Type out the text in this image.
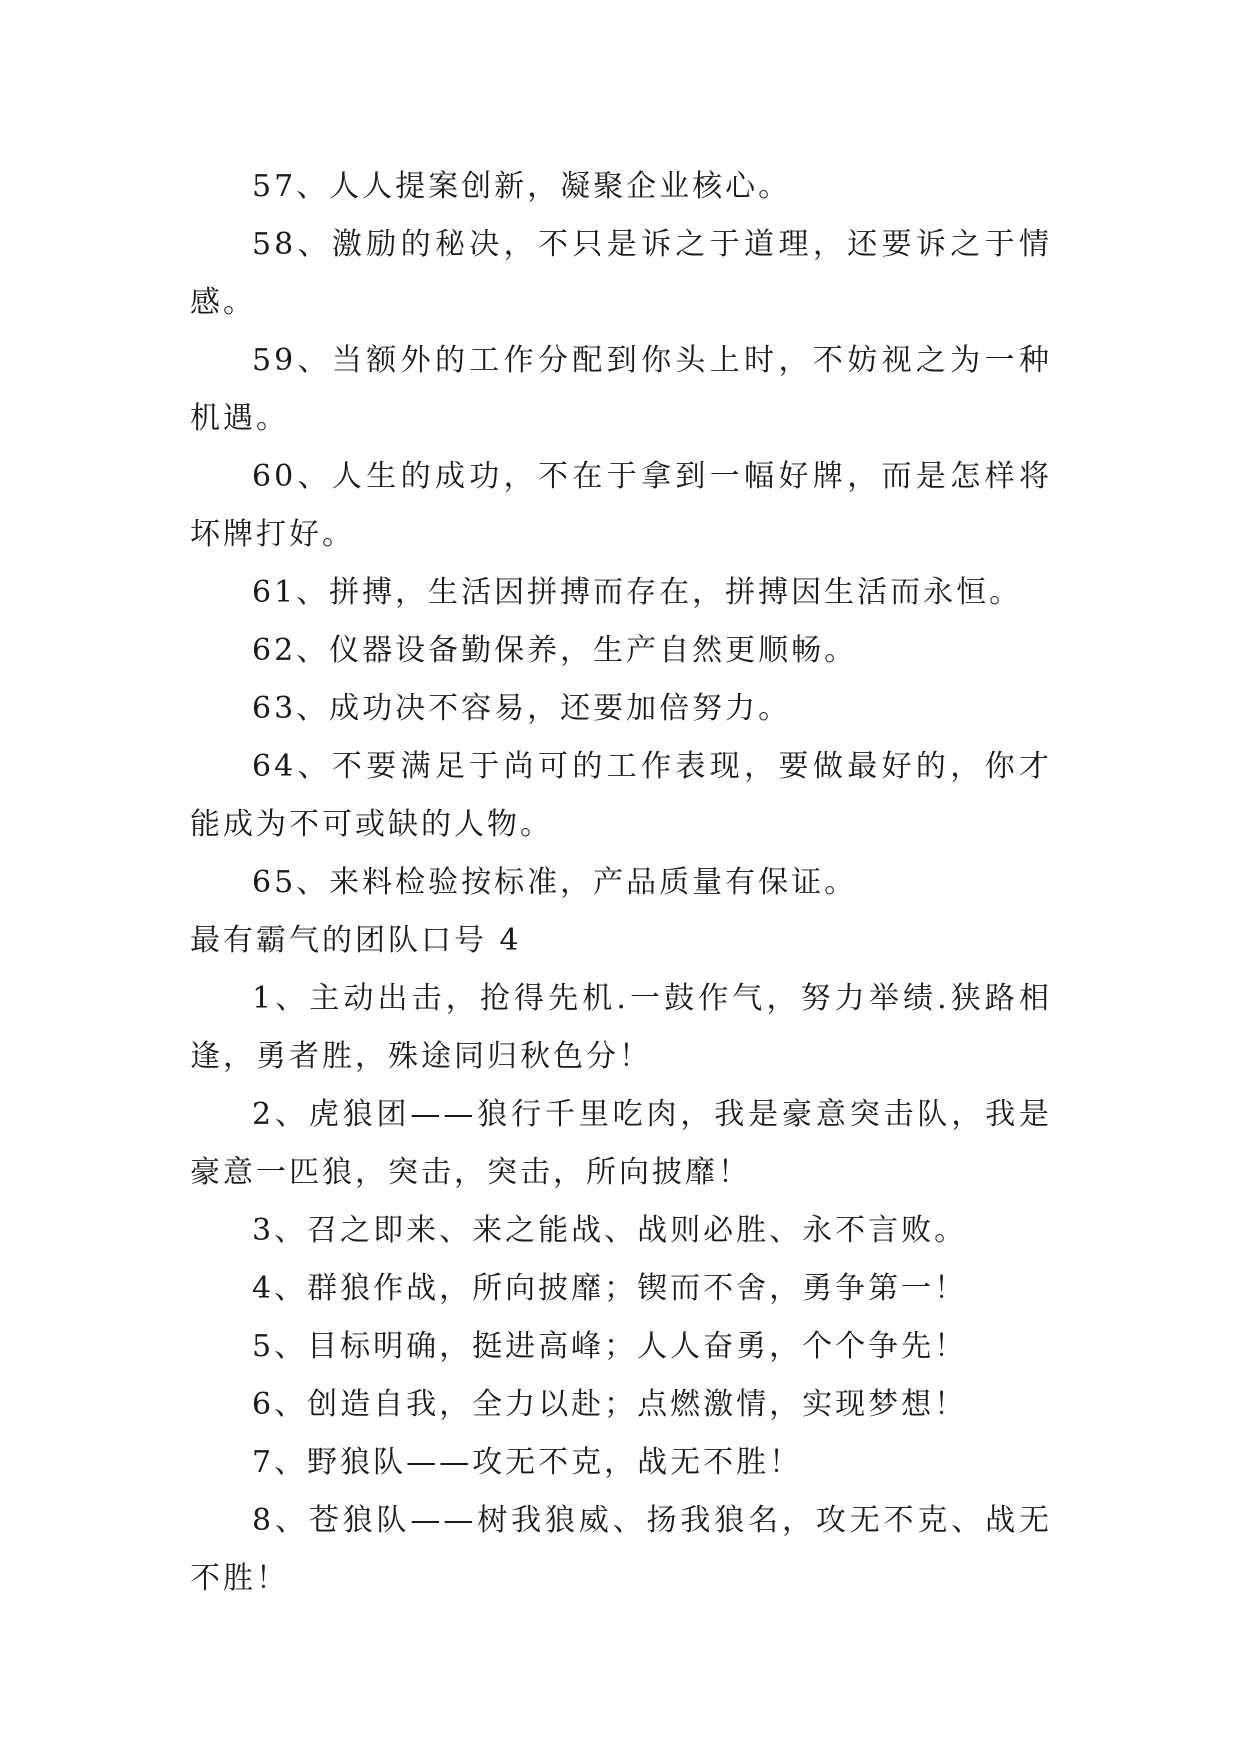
57、人人提案创新，凝聚企业核心。

58、激励的秘决，不只是诉之于道理，还要诉之于情感。

59、当额外的工作分配到你头上时，不妨视之为一种机遇。

60、人生的成功，不在于拿到一幅好牌，而是怎样将坏牌打好。

61、拼搏，生活因拼搏而存在，拼搏因生活而永恒。

62、仪器设备勤保养，生产自然更顺畅。

63、成功决不容易，还要加倍努力。

64、不要满足于尚可的工作表现，要做最好的，你才能成为不可或缺的人物。

65、来料检验按标准，产品质量有保证。

最有霸气的团队口号 4

1、主动出击，抢得先机.一鼓作气，努力举绩.狭路相逢，勇者胜，殊途同归秋色分！

2、虎狼团——狼行千里吃肉，我是豪意突击队，我是豪意一匹狼，突击，突击，所向披靡！

3、召之即来、来之能战、战则必胜、永不言败。

4、群狼作战，所向披靡；锲而不舍，勇争第一！

5、目标明确，挺进高峰；人人奋勇，个个争先！

6、创造自我，全力以赴；点燃激情，实现梦想！

7、野狼队——攻无不克，战无不胜！

8、苍狼队——树我狼威、扬我狼名，攻无不克、战无不胜！
